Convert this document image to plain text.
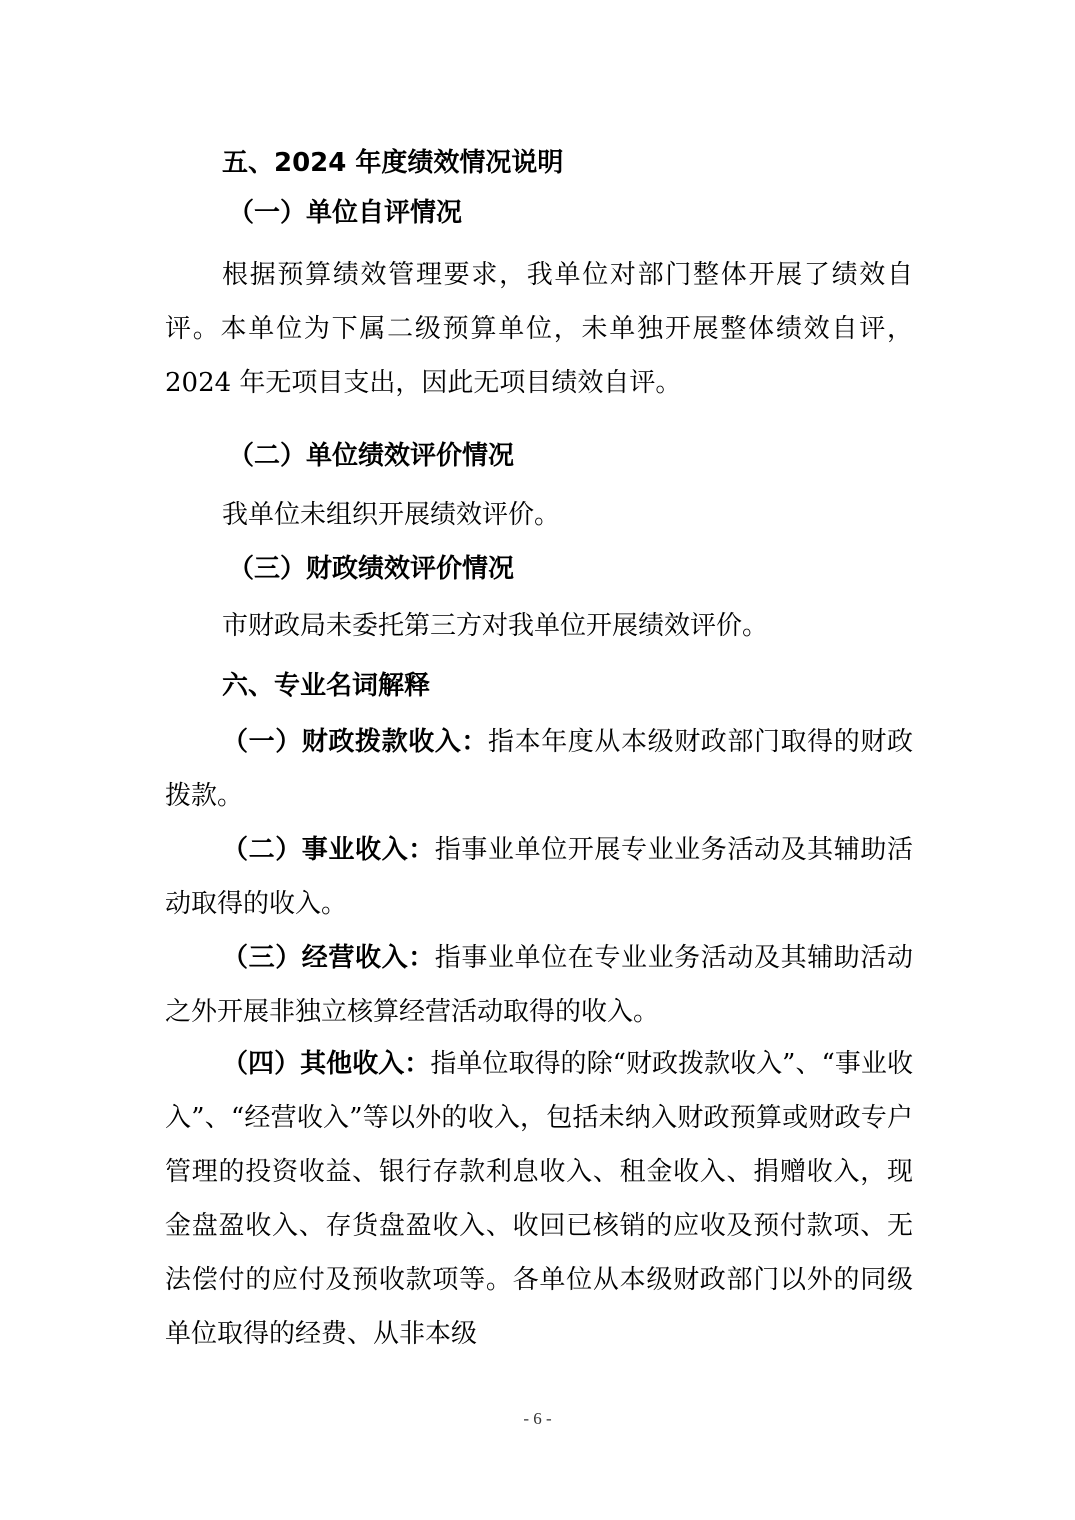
五、2024 年度绩效情况说明
（一）单位自评情况

根据预算绩效管理要求，我单位对部门整体开展了绩效自评。本单位为下属二级预算单位，未单独开展整体绩效自评，2024 年无项目支出，因此无项目绩效自评。

（二）单位绩效评价情况

我单位未组织开展绩效评价。

（三）财政绩效评价情况

市财政局未委托第三方对我单位开展绩效评价。

六、专业名词解释

（一）财政拨款收入：指本年度从本级财政部门取得的财政拨款。

（二）事业收入：指事业单位开展专业业务活动及其辅助活动取得的收入。

（三）经营收入：指事业单位在专业业务活动及其辅助活动之外开展非独立核算经营活动取得的收入。

（四）其他收入：指单位取得的除“财政拨款收入”、“事业收入”、“经营收入”等以外的收入，包括未纳入财政预算或财政专户管理的投资收益、银行存款利息收入、租金收入、捐赠收入，现金盘盈收入、存货盘盈收入、收回已核销的应收及预付款项、无法偿付的应付及预收款项等。各单位从本级财政部门以外的同级单位取得的经费、从非本级

- 6 -
